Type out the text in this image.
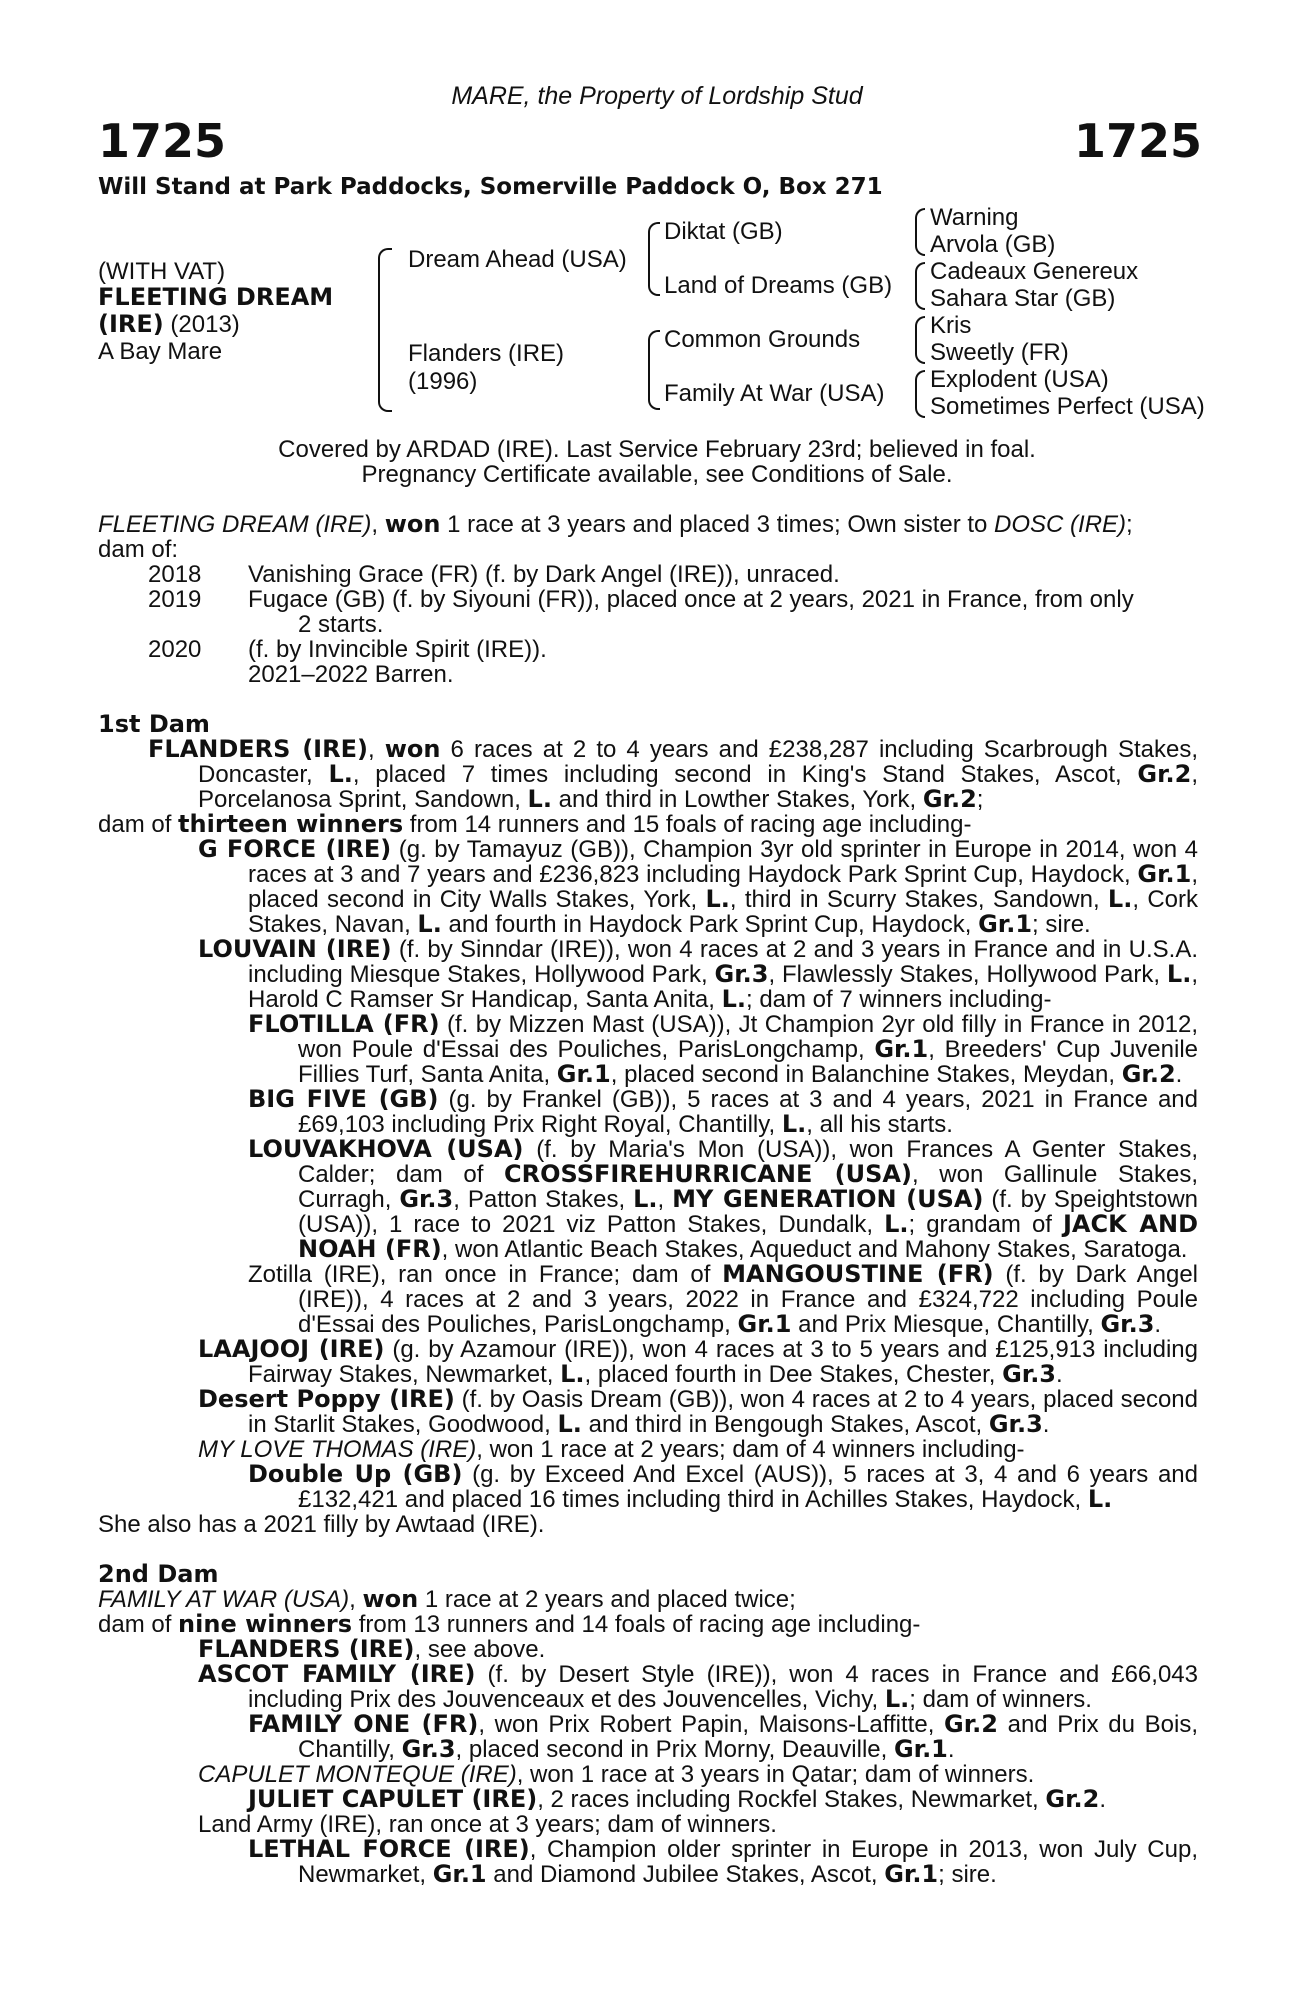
MARE, the Property of Lordship Stud
1725	1725
Will Stand at Park Paddocks, Somerville Paddock O, Box 271
(WITH VAT)
FLEETING DREAM
(IRE) (2013)
A Bay Mare
Dream Ahead (USA)
Flanders (IRE)
(1996)
Diktat (GB)
Land of Dreams (GB)
Common Grounds
Family At War (USA)
Warning
Arvola (GB)
Cadeaux Genereux
Sahara Star (GB)
Kris
Sweetly (FR)
Explodent (USA)
Sometimes Perfect (USA)
Covered by ARDAD (IRE). Last Service February 23rd; believed in foal.
Pregnancy Certificate available, see Conditions of Sale.

FLEETING DREAM (IRE), won 1 race at 3 years and placed 3 times; Own sister to DOSC (IRE);

dam of:

2018	Vanishing Grace (FR) (f. by Dark Angel (IRE)), unraced.
2019	Fugace (GB) (f. by Siyouni (FR)), placed once at 2 years, 2021 in France, from only
2 starts.
2020	(f. by Invincible Spirit (IRE)).
2021–2022 Barren.

1st Dam

FLANDERS (IRE), won 6 races at 2 to 4 years and £238,287 including Scarbrough Stakes, Doncaster, L., placed 7 times including second in King's Stand Stakes, Ascot, Gr.2, Porcelanosa Sprint, Sandown, L. and third in Lowther Stakes, York, Gr.2;

dam of thirteen winners from 14 runners and 15 foals of racing age including-

G FORCE (IRE) (g. by Tamayuz (GB)), Champion 3yr old sprinter in Europe in 2014, won 4 races at 3 and 7 years and £236,823 including Haydock Park Sprint Cup, Haydock, Gr.1, placed second in City Walls Stakes, York, L., third in Scurry Stakes, Sandown, L., Cork Stakes, Navan, L. and fourth in Haydock Park Sprint Cup, Haydock, Gr.1; sire.

LOUVAIN (IRE) (f. by Sinndar (IRE)), won 4 races at 2 and 3 years in France and in U.S.A. including Miesque Stakes, Hollywood Park, Gr.3, Flawlessly Stakes, Hollywood Park, L., Harold C Ramser Sr Handicap, Santa Anita, L.; dam of 7 winners including-

FLOTILLA (FR) (f. by Mizzen Mast (USA)), Jt Champion 2yr old filly in France in 2012, won Poule d'Essai des Pouliches, ParisLongchamp, Gr.1, Breeders' Cup Juvenile Fillies Turf, Santa Anita, Gr.1, placed second in Balanchine Stakes, Meydan, Gr.2.

BIG FIVE (GB) (g. by Frankel (GB)), 5 races at 3 and 4 years, 2021 in France and £69,103 including Prix Right Royal, Chantilly, L., all his starts.

LOUVAKHOVA (USA) (f. by Maria's Mon (USA)), won Frances A Genter Stakes, Calder; dam of CROSSFIREHURRICANE (USA), won Gallinule Stakes, Curragh, Gr.3, Patton Stakes, L., MY GENERATION (USA) (f. by Speightstown (USA)), 1 race to 2021 viz Patton Stakes, Dundalk, L.; grandam of JACK AND NOAH (FR), won Atlantic Beach Stakes, Aqueduct and Mahony Stakes, Saratoga.

Zotilla (IRE), ran once in France; dam of MANGOUSTINE (FR) (f. by Dark Angel (IRE)), 4 races at 2 and 3 years, 2022 in France and £324,722 including Poule d'Essai des Pouliches, ParisLongchamp, Gr.1 and Prix Miesque, Chantilly, Gr.3.

LAAJOOJ (IRE) (g. by Azamour (IRE)), won 4 races at 3 to 5 years and £125,913 including Fairway Stakes, Newmarket, L., placed fourth in Dee Stakes, Chester, Gr.3.

Desert Poppy (IRE) (f. by Oasis Dream (GB)), won 4 races at 2 to 4 years, placed second in Starlit Stakes, Goodwood, L. and third in Bengough Stakes, Ascot, Gr.3.

MY LOVE THOMAS (IRE), won 1 race at 2 years; dam of 4 winners including-

Double Up (GB) (g. by Exceed And Excel (AUS)), 5 races at 3, 4 and 6 years and £132,421 and placed 16 times including third in Achilles Stakes, Haydock, L.

She also has a 2021 filly by Awtaad (IRE).

2nd Dam

FAMILY AT WAR (USA), won 1 race at 2 years and placed twice;

dam of nine winners from 13 runners and 14 foals of racing age including-

FLANDERS (IRE), see above.

ASCOT FAMILY (IRE) (f. by Desert Style (IRE)), won 4 races in France and £66,043 including Prix des Jouvenceaux et des Jouvencelles, Vichy, L.; dam of winners.

FAMILY ONE (FR), won Prix Robert Papin, Maisons-Laffitte, Gr.2 and Prix du Bois, Chantilly, Gr.3, placed second in Prix Morny, Deauville, Gr.1.

CAPULET MONTEQUE (IRE), won 1 race at 3 years in Qatar; dam of winners.

JULIET CAPULET (IRE), 2 races including Rockfel Stakes, Newmarket, Gr.2.

Land Army (IRE), ran once at 3 years; dam of winners.

LETHAL FORCE (IRE), Champion older sprinter in Europe in 2013, won July Cup, Newmarket, Gr.1 and Diamond Jubilee Stakes, Ascot, Gr.1; sire.
